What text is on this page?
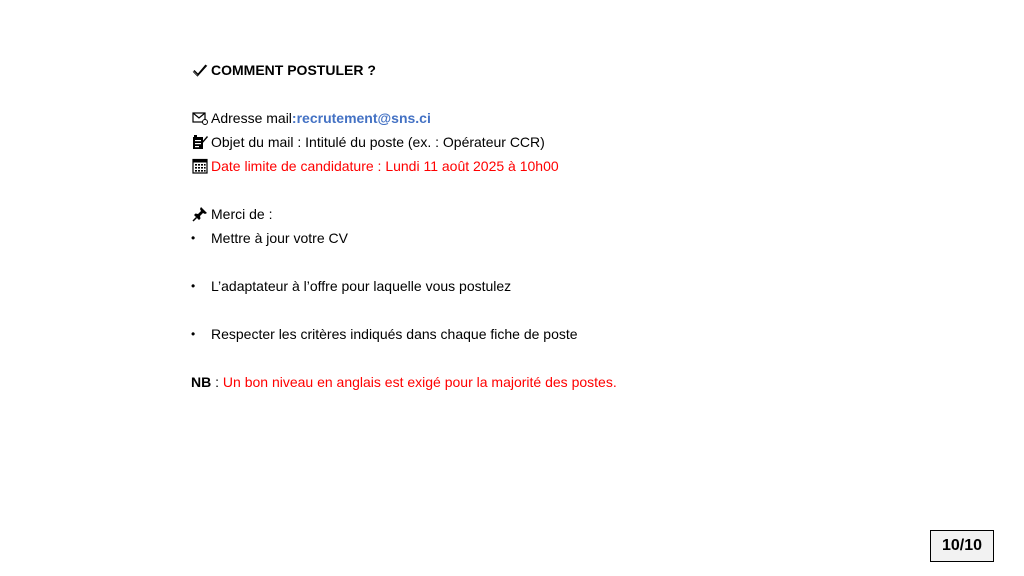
COMMENT POSTULER ?
Adresse mail : recrutement@sns.ci
Objet du mail : Intitulé du poste (ex. : Opérateur CCR)
Date limite de candidature : Lundi 11 août 2025 à 10h00
Merci de :
•	Mettre à jour votre CV
•	L’adaptateur à l’offre pour laquelle vous postulez
•	Respecter les critères indiqués dans chaque fiche de poste
NB : Un bon niveau en anglais est exigé pour la majorité des postes.
10/10
